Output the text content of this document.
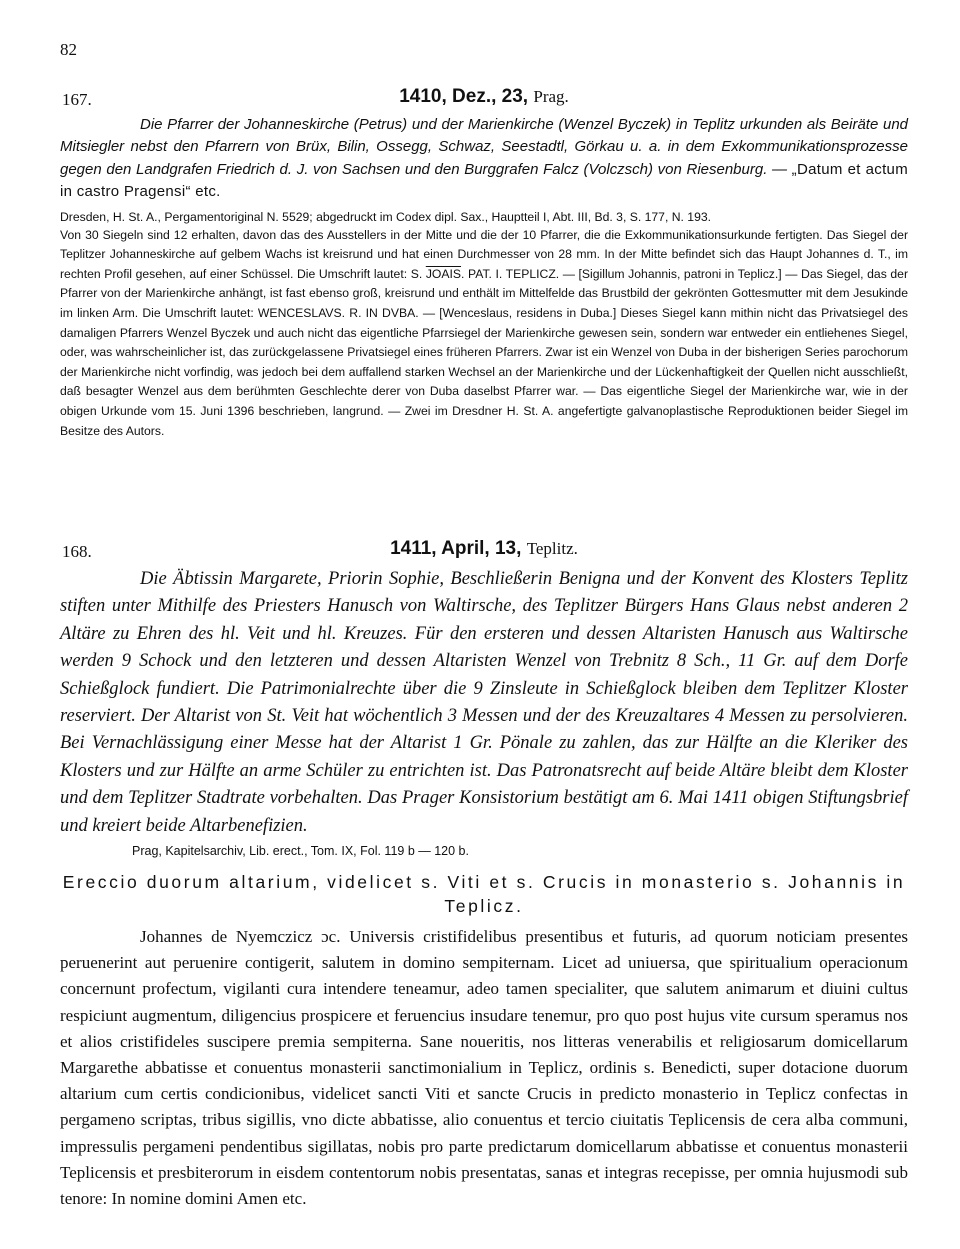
82
167.	1410, Dez., 23, Prag.

Die Pfarrer der Johanneskirche (Petrus) und der Marienkirche (Wenzel Byczek) in Teplitz urkunden als Beiräte und Mitsiegler nebst den Pfarrern von Brüx, Bilin, Ossegg, Schwaz, Seestadtl, Görkau u. a. in dem Exkommunikationsprozesse gegen den Landgrafen Friedrich d. J. von Sachsen und den Burggrafen Falcz (Volczsch) von Riesenburg. — „Datum et actum in castro Pragensi“ etc.

Dresden, H. St. A., Pergamentoriginal N. 5529; abgedruckt im Codex dipl. Sax., Hauptteil I, Abt. III, Bd. 3, S. 177, N. 193.

Von 30 Siegeln sind 12 erhalten, davon das des Ausstellers in der Mitte und die der 10 Pfarrer, die die Exkommunikationsurkunde fertigten. Das Siegel der Teplitzer Johanneskirche auf gelbem Wachs ist kreisrund und hat einen Durchmesser von 28 mm. In der Mitte befindet sich das Haupt Johannes d. T., im rechten Profil gesehen, auf einer Schüssel. Die Umschrift lautet: S. JOAIS. PAT. I. TEPLICZ. — [Sigillum Johannis, patroni in Teplicz.] — Das Siegel, das der Pfarrer von der Marienkirche anhängt, ist fast ebenso groß, kreisrund und enthält im Mittelfelde das Brustbild der gekrönten Gottesmutter mit dem Jesukinde im linken Arm. Die Umschrift lautet: WENCESLAVS. R. IN DVBA. — [Wenceslaus, residens in Duba.] Dieses Siegel kann mithin nicht das Privatsiegel des damaligen Pfarrers Wenzel Byczek und auch nicht das eigentliche Pfarrsiegel der Marienkirche gewesen sein, sondern war entweder ein entliehenes Siegel, oder, was wahrscheinlicher ist, das zurückgelassene Privatsiegel eines früheren Pfarrers. Zwar ist ein Wenzel von Duba in der bisherigen Series parochorum der Marienkirche nicht vorfindig, was jedoch bei dem auffallend starken Wechsel an der Marienkirche und der Lückenhaftigkeit der Quellen nicht ausschließt, daß besagter Wenzel aus dem berühmten Geschlechte derer von Duba daselbst Pfarrer war. — Das eigentliche Siegel der Marienkirche war, wie in der obigen Urkunde vom 15. Juni 1396 beschrieben, langrund. — Zwei im Dresdner H. St. A. angefertigte galvanoplastische Reproduktionen beider Siegel im Besitze des Autors.

168.	1411, April, 13, Teplitz.

Die Äbtissin Margarete, Priorin Sophie, Beschließerin Benigna und der Konvent des Klosters Teplitz stiften unter Mithilfe des Priesters Hanusch von Waltirsche, des Teplitzer Bürgers Hans Glaus nebst anderen 2 Altäre zu Ehren des hl. Veit und hl. Kreuzes. Für den ersteren und dessen Altaristen Hanusch aus Waltirsche werden 9 Schock und den letzteren und dessen Altaristen Wenzel von Trebnitz 8 Sch., 11 Gr. auf dem Dorfe Schießglock fundiert. Die Patrimonialrechte über die 9 Zinsleute in Schießglock bleiben dem Teplitzer Kloster reserviert. Der Altarist von St. Veit hat wöchentlich 3 Messen und der des Kreuzaltares 4 Messen zu persolvieren. Bei Vernachlässigung einer Messe hat der Altarist 1 Gr. Pönale zu zahlen, das zur Hälfte an die Kleriker des Klosters und zur Hälfte an arme Schüler zu entrichten ist. Das Patronatsrecht auf beide Altäre bleibt dem Kloster und dem Teplitzer Stadtrate vorbehalten. Das Prager Konsistorium bestätigt am 6. Mai 1411 obigen Stiftungsbrief und kreiert beide Altarbenefizien.

Prag, Kapitelsarchiv, Lib. erect., Tom. IX, Fol. 119 b — 120 b.

Ereccio duorum altarium, videlicet s. Viti et s. Crucis in monasterio s. Johannis in Teplicz.

Johannes de Nyemczicz ɔc. Universis cristifidelibus presentibus et futuris, ad quorum noticiam presentes peruenerint aut peruenire contigerit, salutem in domino sempiternam. Licet ad uniuersa, que spiritualium operacionum concernunt profectum, vigilanti cura intendere teneamur, adeo tamen specialiter, que salutem animarum et diuini cultus respiciunt augmentum, diligencius prospicere et feruencius insudare tenemur, pro quo post hujus vite cursum speramus nos et alios cristifideles suscipere premia sempiterna. Sane noueritis, nos litteras venerabilis et religiosarum domicellarum Margarethe abbatisse et conuentus monasterii sanctimonialium in Teplicz, ordinis s. Benedicti, super dotacione duorum altarium cum certis condicionibus, videlicet sancti Viti et sancte Crucis in predicto monasterio in Teplicz confectas in pergameno scriptas, tribus sigillis, vno dicte abbatisse, alio conuentus et tercio ciuitatis Teplicensis de cera alba communi, impressulis pergameni pendentibus sigillatas, nobis pro parte predictarum domicellarum abbatisse et conuentus monasterii Teplicensis et presbiterorum in eisdem contentorum nobis presentatas, sanas et integras recepisse, per omnia hujusmodi sub tenore: In nomine domini Amen etc.
